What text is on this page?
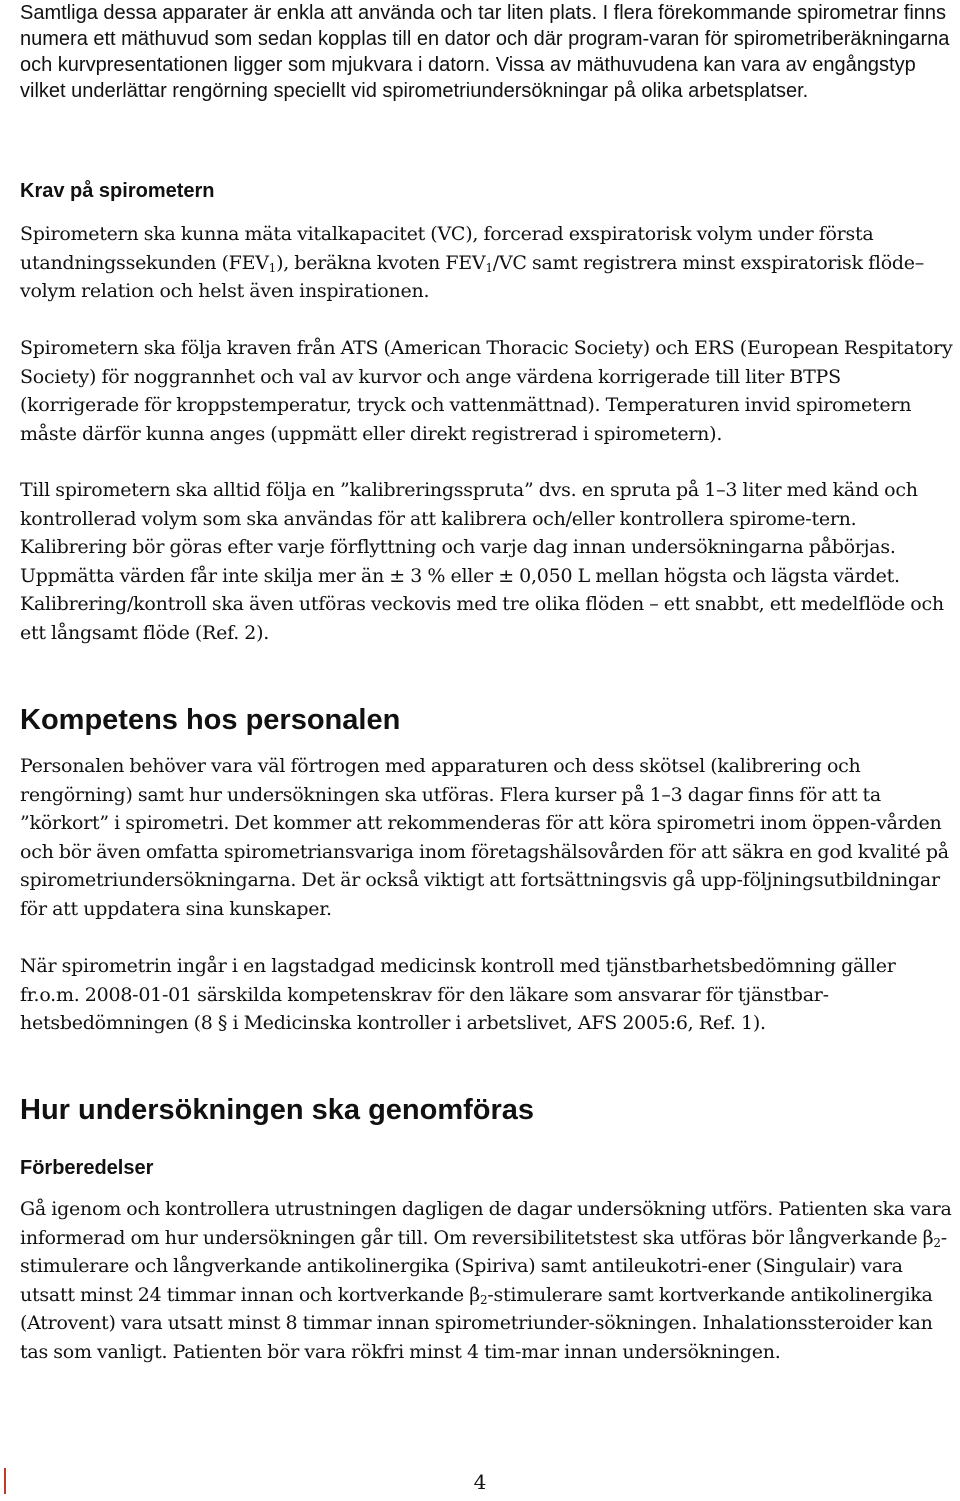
Samtliga dessa apparater är enkla att använda och tar liten plats. I flera förekommande spirometrar finns numera ett mäthuvud som sedan kopplas till en dator och där program-varan för spirometriberäkningarna och kurvpresentationen ligger som mjukvara i datorn. Vissa av mäthuvudena kan vara av engångstyp vilket underlättar rengörning speciellt vid spirometriundersökningar på olika arbetsplatser.

Krav på spirometern

Spirometern ska kunna mäta vitalkapacitet (VC), forcerad exspiratorisk volym under första utandningssekunden $(FEV_1)$, beräkna kvoten $FEV_1/VC$ samt registrera minst exspiratorisk flöde–volym relation och helst även inspirationen.

Spirometern ska följa kraven från ATS (American Thoracic Society) och ERS (European Respitatory Society) för noggrannhet och val av kurvor och ange värdena korrigerade till liter BTPS (korrigerade för kroppstemperatur, tryck och vattenmättnad). Temperaturen invid spirometern måste därför kunna anges (uppmätt eller direkt registrerad i spirometern).

Till spirometern ska alltid följa en ”kalibreringsspruta” dvs. en spruta på 1–3 liter med känd och kontrollerad volym som ska användas för att kalibrera och/eller kontrollera spirome-tern. Kalibrering bör göras efter varje förflyttning och varje dag innan undersökningarna påbörjas. Uppmätta värden får inte skilja mer än ± 3 % eller ± 0,050 L mellan högsta och lägsta värdet. Kalibrering/kontroll ska även utföras veckovis med tre olika flöden – ett snabbt, ett medelflöde och ett långsamt flöde (Ref. 2).

Kompetens hos personalen

Personalen behöver vara väl förtrogen med apparaturen och dess skötsel (kalibrering och rengörning) samt hur undersökningen ska utföras. Flera kurser på 1–3 dagar finns för att ta ”körkort” i spirometri. Det kommer att rekommenderas för att köra spirometri inom öppen-vården och bör även omfatta spirometriansvariga inom företagshälsovården för att säkra en god kvalité på spirometriundersökningarna. Det är också viktigt att fortsättningsvis gå upp-följningsutbildningar för att uppdatera sina kunskaper.

När spirometrin ingår i en lagstadgad medicinsk kontroll med tjänstbarhetsbedömning gäller fr.o.m. 2008-01-01 särskilda kompetenskrav för den läkare som ansvarar för tjänstbar-hetsbedömningen (8 § i Medicinska kontroller i arbetslivet, AFS 2005:6, Ref. 1).

Hur undersökningen ska genomföras
Förberedelser

Gå igenom och kontrollera utrustningen dagligen de dagar undersökning utförs. Patienten ska vara informerad om hur undersökningen går till. Om reversibilitetstest ska utföras bör långverkande $\beta_2$-stimulerare och långverkande antikolinergika (Spiriva) samt antileukotri-ener (Singulair) vara utsatt minst 24 timmar innan och kortverkande $\beta_2$-stimulerare samt kortverkande antikolinergika (Atrovent) vara utsatt minst 8 timmar innan spirometriunder-sökningen. Inhalationssteroider kan tas som vanligt. Patienten bör vara rökfri minst 4 tim-mar innan undersökningen.

4
